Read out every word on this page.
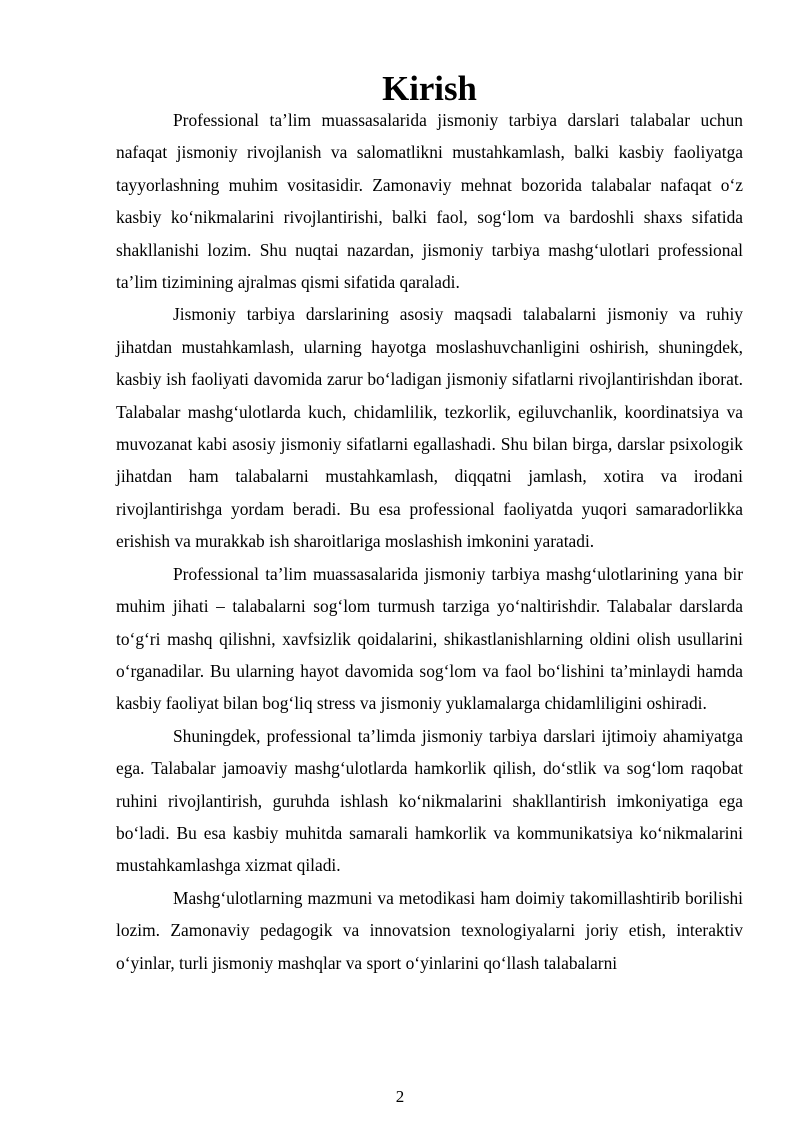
Kirish

Professional ta’lim muassasalarida jismoniy tarbiya darslari talabalar uchun nafaqat jismoniy rivojlanish va salomatlikni mustahkamlash, balki kasbiy faoliyatga tayyorlashning muhim vositasidir. Zamonaviy mehnat bozorida talabalar nafaqat o‘z kasbiy ko‘nikmalarini rivojlantirishi, balki faol, sog‘lom va bardoshli shaxs sifatida shakllanishi lozim. Shu nuqtai nazardan, jismoniy tarbiya mashg‘ulotlari professional ta’lim tizimining ajralmas qismi sifatida qaraladi.

Jismoniy tarbiya darslarining asosiy maqsadi talabalarni jismoniy va ruhiy jihatdan mustahkamlash, ularning hayotga moslashuvchanligini oshirish, shuningdek, kasbiy ish faoliyati davomida zarur bo‘ladigan jismoniy sifatlarni rivojlantirishdan iborat. Talabalar mashg‘ulotlarda kuch, chidamlilik, tezkorlik, egiluvchanlik, koordinatsiya va muvozanat kabi asosiy jismoniy sifatlarni egallashadi. Shu bilan birga, darslar psixologik jihatdan ham talabalarni mustahkamlash, diqqatni jamlash, xotira va irodani rivojlantirishga yordam beradi. Bu esa professional faoliyatda yuqori samaradorlikka erishish va murakkab ish sharoitlariga moslashish imkonini yaratadi.

Professional ta’lim muassasalarida jismoniy tarbiya mashg‘ulotlarining yana bir muhim jihati – talabalarni sog‘lom turmush tarziga yo‘naltirishdir. Talabalar darslarda to‘g‘ri mashq qilishni, xavfsizlik qoidalarini, shikastlanishlarning oldini olish usullarini o‘rganadilar. Bu ularning hayot davomida sog‘lom va faol bo‘lishini ta’minlaydi hamda kasbiy faoliyat bilan bog‘liq stress va jismoniy yuklamalarga chidamliligini oshiradi.

Shuningdek, professional ta’limda jismoniy tarbiya darslari ijtimoiy ahamiyatga ega. Talabalar jamoaviy mashg‘ulotlarda hamkorlik qilish, do‘stlik va sog‘lom raqobat ruhini rivojlantirish, guruhda ishlash ko‘nikmalarini shakllantirish imkoniyatiga ega bo‘ladi. Bu esa kasbiy muhitda samarali hamkorlik va kommunikatsiya ko‘nikmalarini mustahkamlashga xizmat qiladi.

Mashg‘ulotlarning mazmuni va metodikasi ham doimiy takomillashtirib borilishi lozim. Zamonaviy pedagogik va innovatsion texnologiyalarni joriy etish, interaktiv o‘yinlar, turli jismoniy mashqlar va sport o‘yinlarini qo‘llash talabalarni

2
